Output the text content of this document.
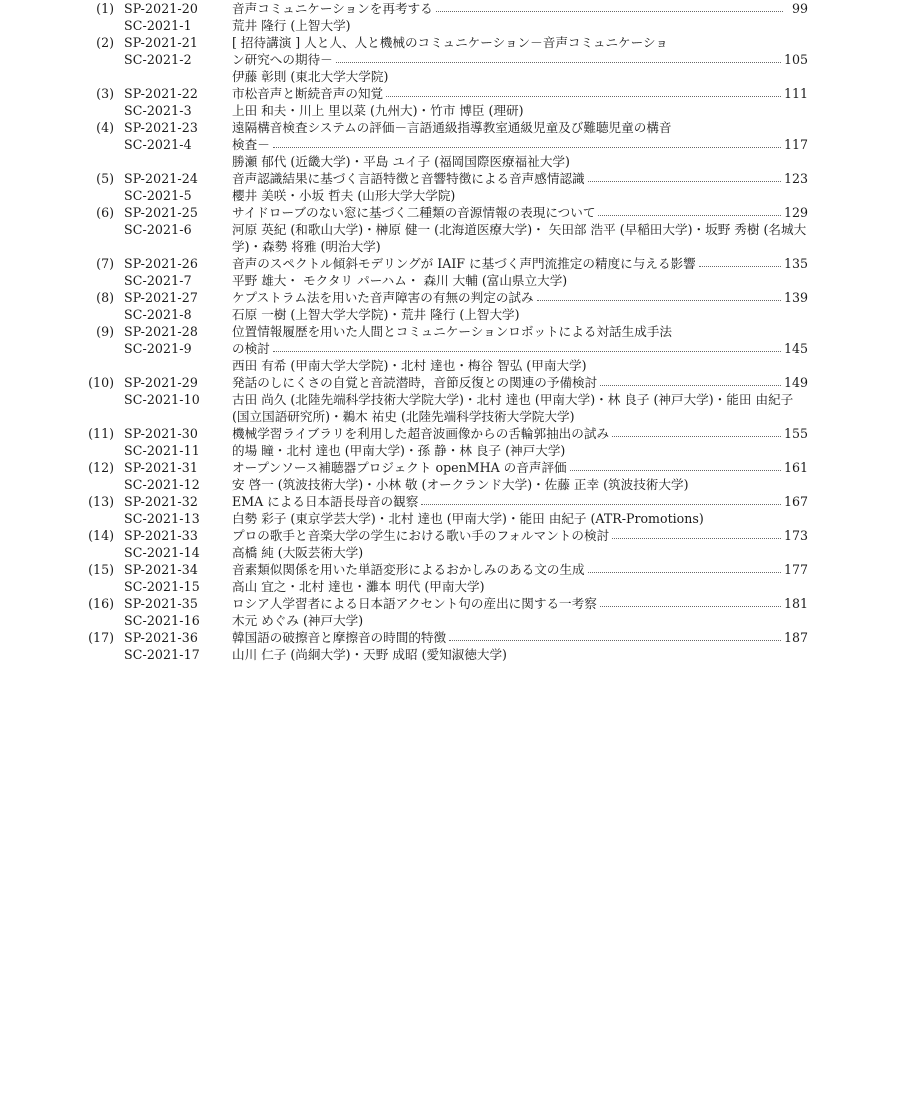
(1) SP-2021-20
SC-2021-1
音声コミュニケーションを再考する	99
荒井 隆行 (上智大学)
(2) SP-2021-21
SC-2021-2
[ 招待講演 ] 人と人、人と機械のコミュニケーション－音声コミュニケーショ
ン研究への期待－	105
伊藤 彰則 (東北大学大学院)
(3) SP-2021-22
SC-2021-3
市松音声と断続音声の知覚	111
上田 和夫・川上 里以菜 (九州大)・竹市 博臣 (理研)
(4) SP-2021-23
SC-2021-4
遠隔構音検査システムの評価－言語通級指導教室通級児童及び難聴児童の構音
検査－	117
勝瀬 郁代 (近畿大学)・平島 ユイ子 (福岡国際医療福祉大学)
(5) SP-2021-24
SC-2021-5
音声認識結果に基づく言語特徴と音響特徴による音声感情認識	123
櫻井 美咲・小坂 哲夫 (山形大学大学院)
(6) SP-2021-25
SC-2021-6
サイドローブのない窓に基づく二種類の音源情報の表現について	129
河原 英紀 (和歌山大学)・榊原 健一 (北海道医療大学)・ 矢田部 浩平 (早稲田大学)・坂野 秀樹 (名城大学)・森勢 将雅 (明治大学)
(7) SP-2021-26
SC-2021-7
音声のスペクトル傾斜モデリングが IAIF に基づく声門流推定の精度に与える影響	135
平野 雄大・ モクタリ パーハム・ 森川 大輔 (富山県立大学)
(8) SP-2021-27
SC-2021-8
ケプストラム法を用いた音声障害の有無の判定の試み	139
石原 一樹 (上智大学大学院)・荒井 隆行 (上智大学)
(9) SP-2021-28
SC-2021-9
位置情報履歴を用いた人間とコミュニケーションロボットによる対話生成手法
の検討	145
西田 有希 (甲南大学大学院)・北村 達也・梅谷 智弘 (甲南大学)
(10) SP-2021-29
SC-2021-10
発話のしにくさの自覚と音読潜時，音節反復との関連の予備検討	149
古田 尚久 (北陸先端科学技術大学院大学)・北村 達也 (甲南大学)・林 良子 (神戸大学)・能田 由紀子 (国立国語研究所)・鵜木 祐史 (北陸先端科学技術大学院大学)
(11) SP-2021-30
SC-2021-11
機械学習ライブラリを利用した超音波画像からの舌輪郭抽出の試み	155
的場 瞳・北村 達也 (甲南大学)・孫 静・林 良子 (神戸大学)
(12) SP-2021-31
SC-2021-12
オープンソース補聴器プロジェクト openMHA の音声評価	161
安 啓一 (筑波技術大学)・小林 敬 (オークランド大学)・佐藤 正幸 (筑波技術大学)
(13) SP-2021-32
SC-2021-13
EMA による日本語長母音の観察	167
白勢 彩子 (東京学芸大学)・北村 達也 (甲南大学)・能田 由紀子 (ATR-Promotions)
(14) SP-2021-33
SC-2021-14
プロの歌手と音楽大学の学生における歌い手のフォルマントの検討	173
高橋 純 (大阪芸術大学)
(15) SP-2021-34
SC-2021-15
音素類似関係を用いた単語変形によるおかしみのある文の生成	177
高山 宜之・北村 達也・灘本 明代 (甲南大学)
(16) SP-2021-35
SC-2021-16
ロシア人学習者による日本語アクセント句の産出に関する一考察	181
木元 めぐみ (神戸大学)
(17) SP-2021-36
SC-2021-17
韓国語の破擦音と摩擦音の時間的特徴	187
山川 仁子 (尚絅大学)・天野 成昭 (愛知淑徳大学)
